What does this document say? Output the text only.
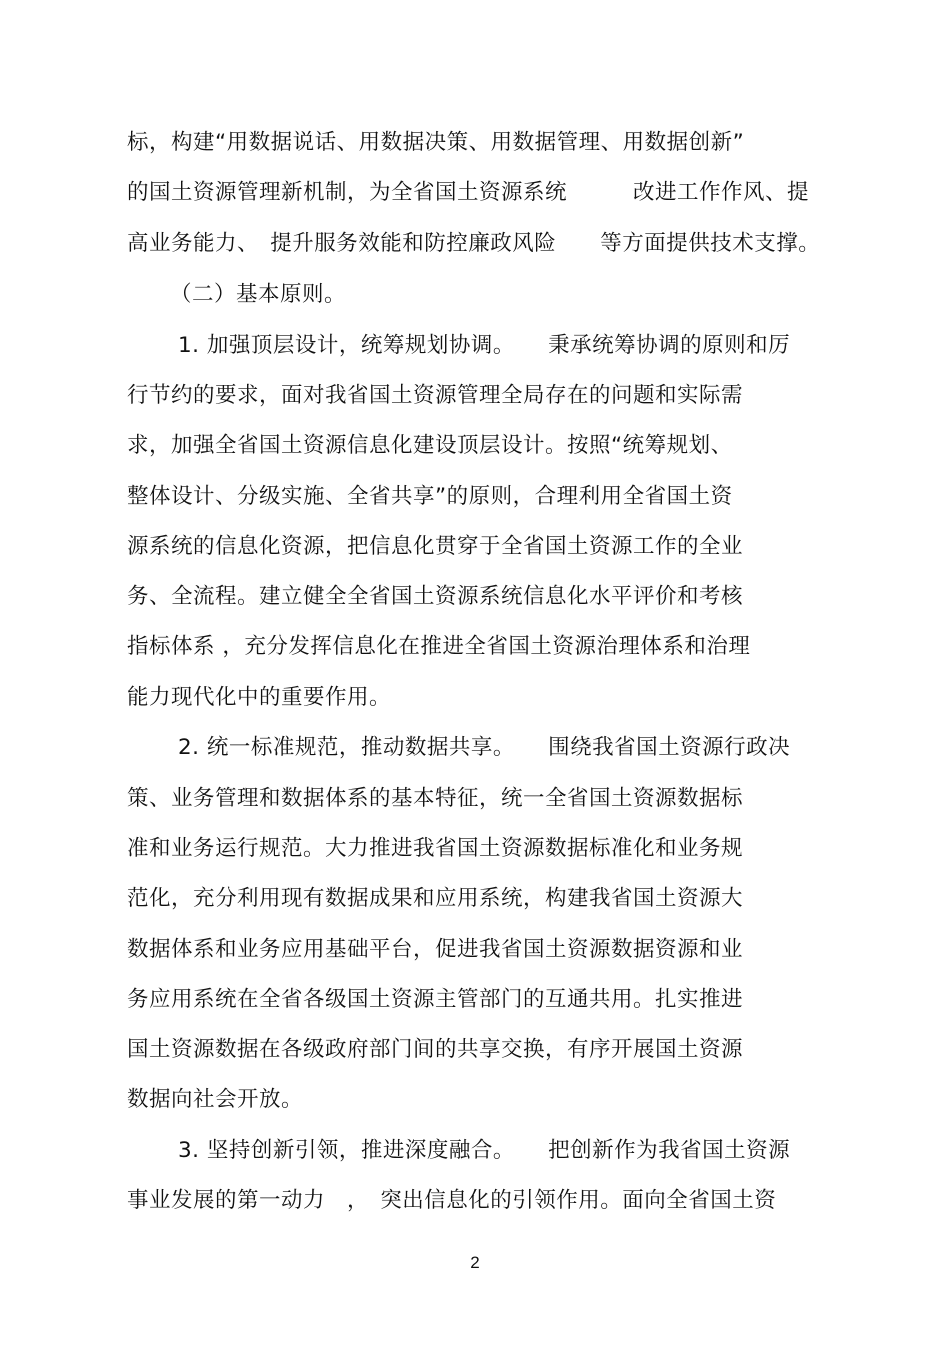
标，构建“用数据说话、用数据决策、用数据管理、用数据创新”
的国土资源管理新机制，为全省国土资源系统　　　改进工作作风、提
高业务能力、　提升服务效能和防控廉政风险　　等方面提供技术支撑。
（二）基本原则。
1. 加强顶层设计，统筹规划协调。　　秉承统筹协调的原则和厉
行节约的要求，面对我省国土资源管理全局存在的问题和实际需
求，加强全省国土资源信息化建设顶层设计。按照“统筹规划、
整体设计、分级实施、全省共享”的原则，合理利用全省国土资
源系统的信息化资源，把信息化贯穿于全省国土资源工作的全业
务、全流程。建立健全全省国土资源系统信息化水平评价和考核
指标体系 ，充分发挥信息化在推进全省国土资源治理体系和治理
能力现代化中的重要作用。
2. 统一标准规范，推动数据共享。　　围绕我省国土资源行政决
策、业务管理和数据体系的基本特征，统一全省国土资源数据标
准和业务运行规范。大力推进我省国土资源数据标准化和业务规
范化，充分利用现有数据成果和应用系统，构建我省国土资源大
数据体系和业务应用基础平台，促进我省国土资源数据资源和业
务应用系统在全省各级国土资源主管部门的互通共用。扎实推进
国土资源数据在各级政府部门间的共享交换，有序开展国土资源
数据向社会开放。
3. 坚持创新引领，推进深度融合。　　把创新作为我省国土资源
事业发展的第一动力　，　突出信息化的引领作用。面向全省国土资
2
